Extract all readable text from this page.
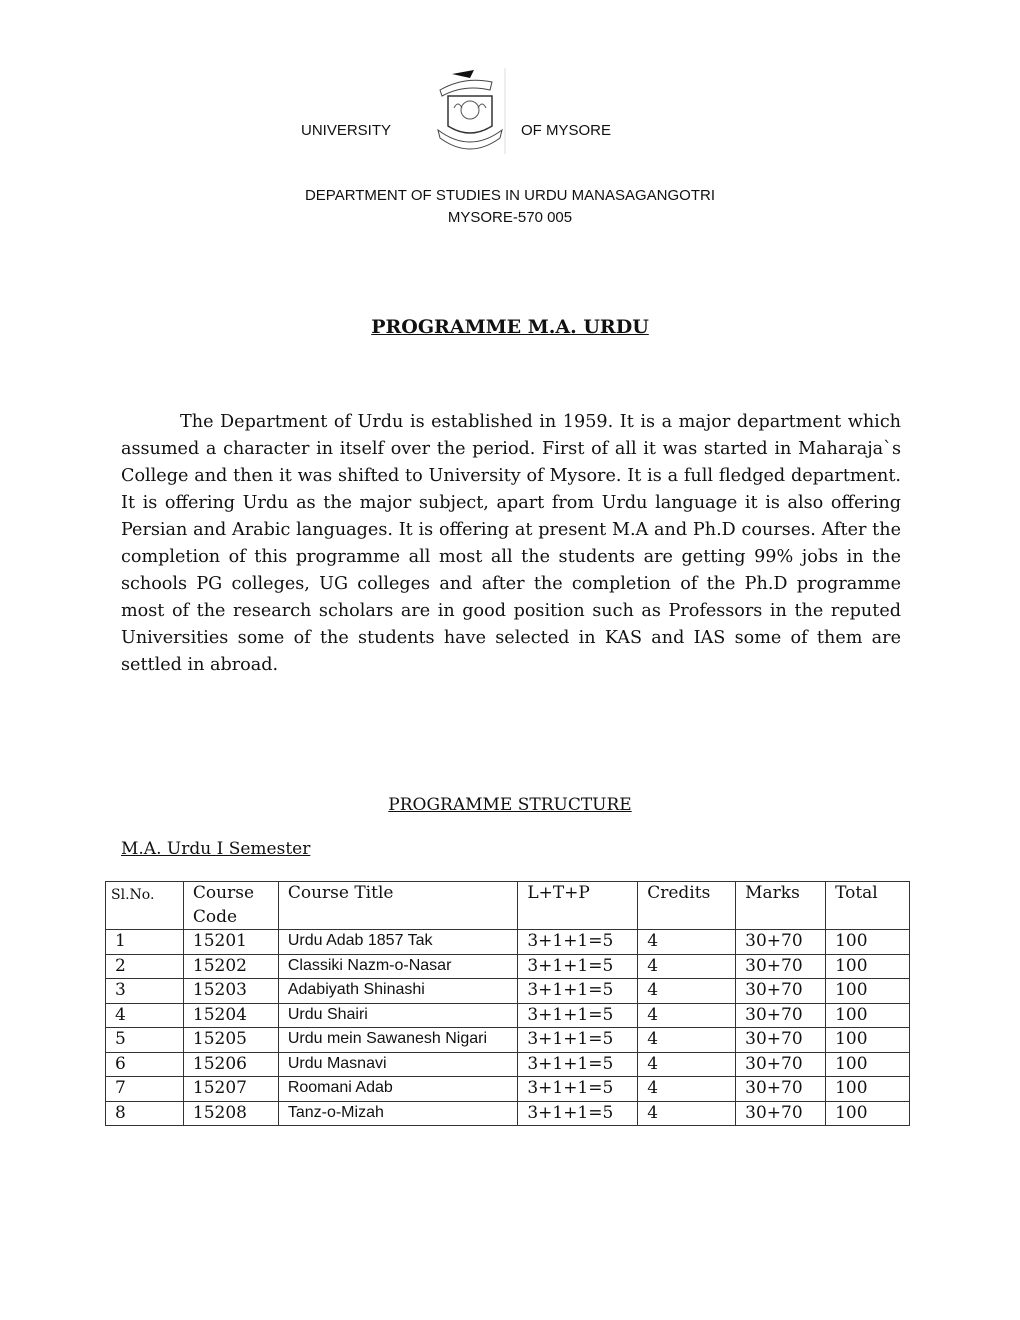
UNIVERSITY	OF MYSORE
DEPARTMENT OF STUDIES IN URDU MANASAGANGOTRI
MYSORE-570 005
PROGRAMME M.A. URDU

The Department of Urdu is established in 1959. It is a major department which assumed a character in itself over the period. First of all it was started in Maharaja`s College and then it was shifted to University of Mysore. It is a full fledged department. It is offering Urdu as the major subject, apart from Urdu language it is also offering Persian and Arabic languages. It is offering at present M.A and Ph.D courses. After the completion of this programme all most all the students are getting 99% jobs in the schools PG colleges, UG colleges and after the completion of the Ph.D programme most of the research scholars are in good position such as Professors in the reputed Universities some of the students have selected in KAS and IAS some of them are settled in abroad.

PROGRAMME STRUCTURE
M.A. Urdu I Semester
Sl.No.	Course Code	Course Title	L+T+P	Credits	Marks	Total
1	15201	Urdu Adab 1857 Tak	3+1+1=5	4	30+70	100
2	15202	Classiki Nazm-o-Nasar	3+1+1=5	4	30+70	100
3	15203	Adabiyath Shinashi	3+1+1=5	4	30+70	100
4	15204	Urdu Shairi	3+1+1=5	4	30+70	100
5	15205	Urdu mein Sawanesh Nigari	3+1+1=5	4	30+70	100
6	15206	Urdu Masnavi	3+1+1=5	4	30+70	100
7	15207	Roomani Adab	3+1+1=5	4	30+70	100
8	15208	Tanz-o-Mizah	3+1+1=5	4	30+70	100
